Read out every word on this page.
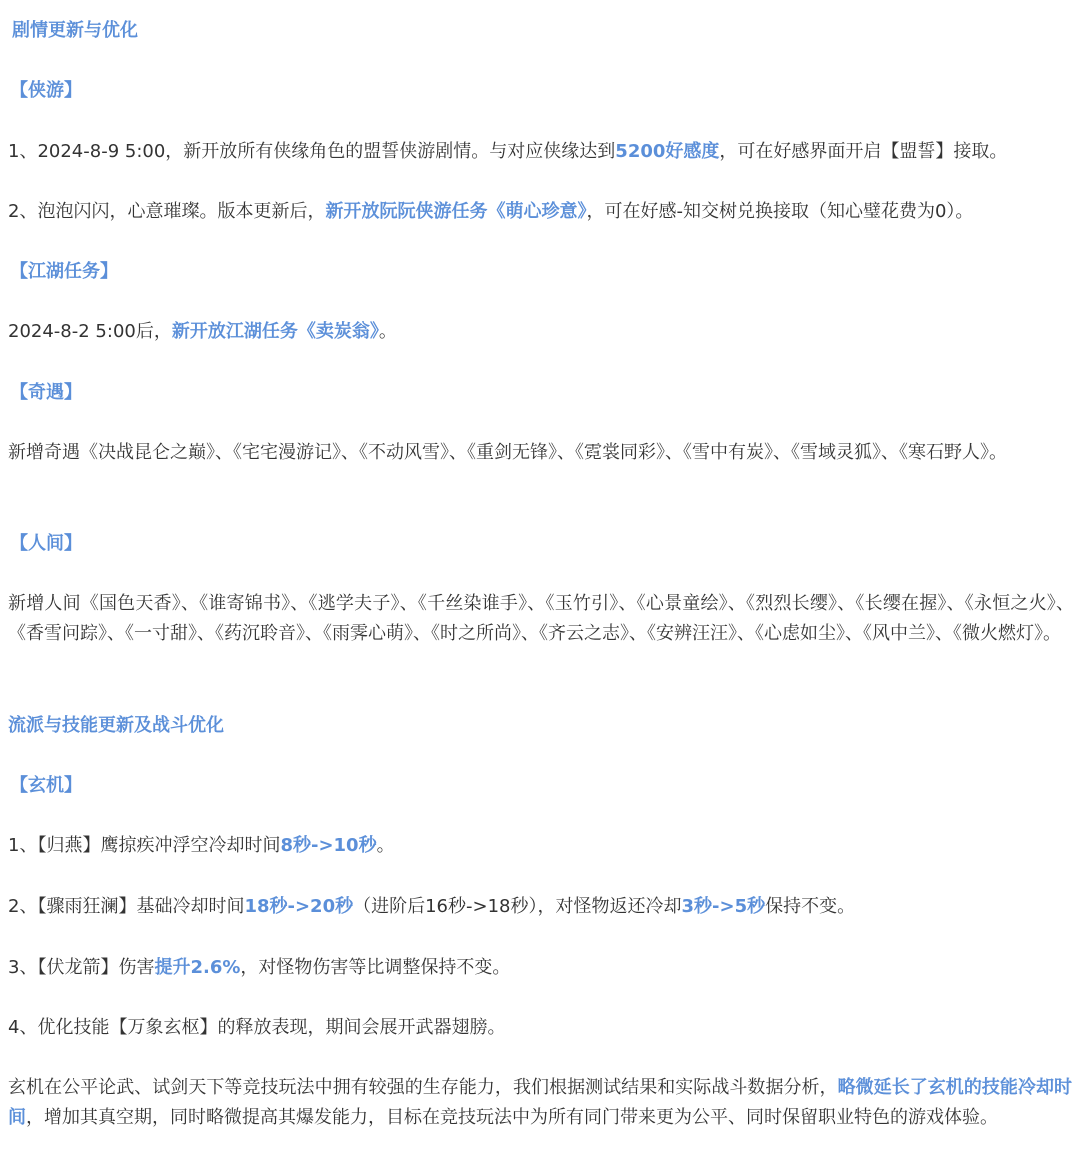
剧情更新与优化
【侠游】
1、2024-8-9 5:00，新开放所有侠缘角色的盟誓侠游剧情。与对应侠缘达到5200好感度，可在好感界面开启【盟誓】接取。
2、泡泡闪闪，心意璀璨。版本更新后，新开放阮阮侠游任务《萌心珍意》，可在好感-知交树兑换接取（知心璧花费为0）。
【江湖任务】
2024-8-2 5:00后，新开放江湖任务《卖炭翁》。
【奇遇】
新增奇遇《决战昆仑之巅》、《宅宅漫游记》、《不动风雪》、《重剑无锋》、《霓裳同彩》、《雪中有炭》、《雪域灵狐》、《寒石野人》。
【人间】
新增人间《国色天香》、《谁寄锦书》、《逃学夫子》、《千丝染谁手》、《玉竹引》、《心景童绘》、《烈烈长缨》、《长缨在握》、《永恒之火》、《香雪问踪》、《一寸甜》、《药沉聆音》、《雨霁心萌》、《时之所尚》、《齐云之志》、《安辨汪汪》、《心虑如尘》、《风中兰》、《微火燃灯》。
流派与技能更新及战斗优化
【玄机】
1、【归燕】鹰掠疾冲浮空冷却时间8秒->10秒。
2、【骤雨狂澜】基础冷却时间18秒->20秒（进阶后16秒->18秒），对怪物返还冷却3秒->5秒保持不变。
3、【伏龙箭】伤害提升2.6%，对怪物伤害等比调整保持不变。
4、优化技能【万象玄枢】的释放表现，期间会展开武器翅膀。
玄机在公平论武、试剑天下等竞技玩法中拥有较强的生存能力，我们根据测试结果和实际战斗数据分析，略微延长了玄机的技能冷却时间，增加其真空期，同时略微提高其爆发能力，目标在竞技玩法中为所有同门带来更为公平、同时保留职业特色的游戏体验。
